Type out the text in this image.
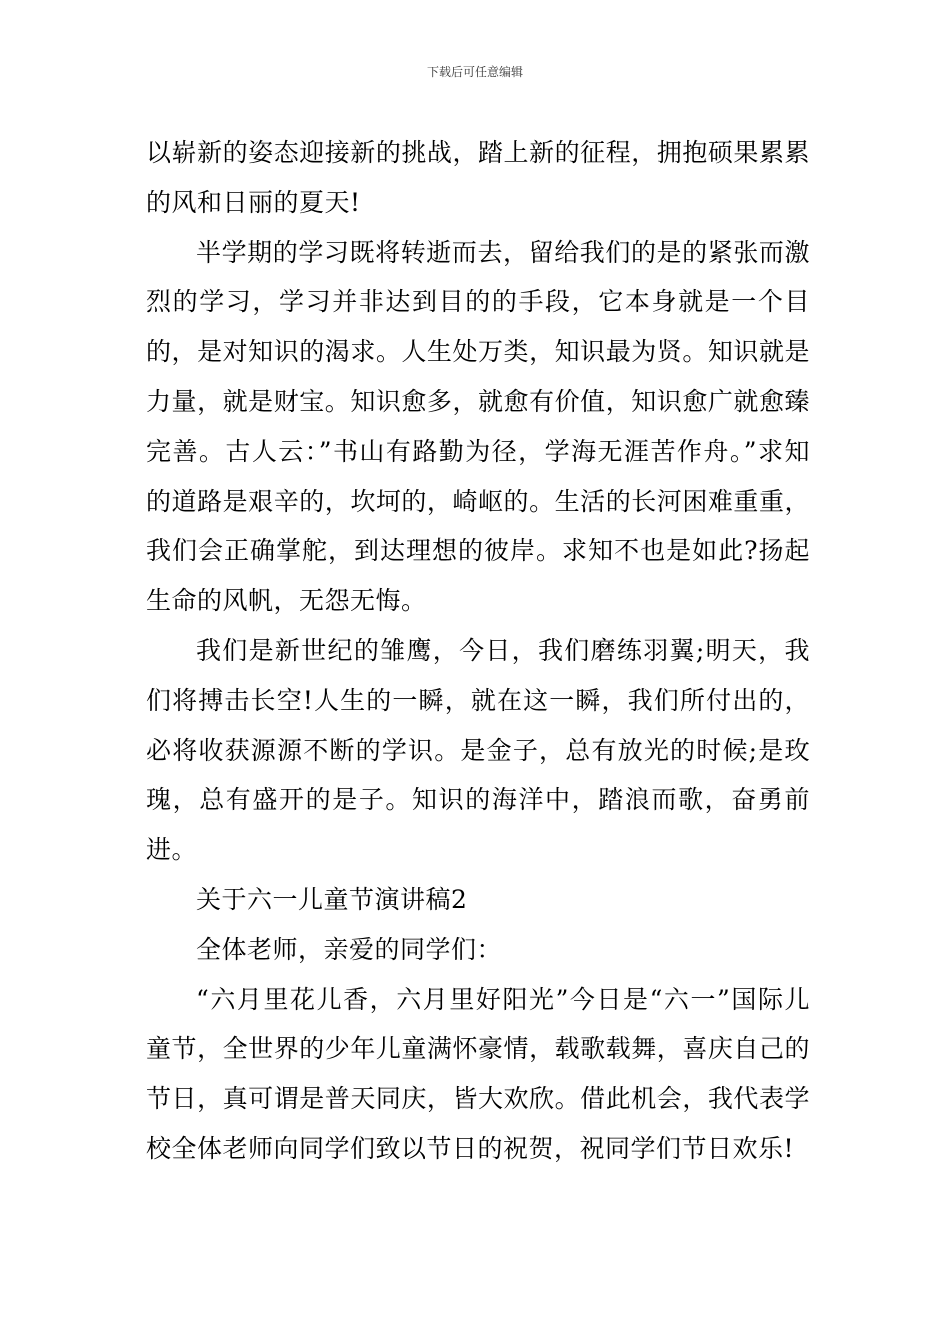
下载后可任意编辑

以崭新的姿态迎接新的挑战，踏上新的征程，拥抱硕果累累的风和日丽的夏天!

半学期的学习既将转逝而去，留给我们的是的紧张而激烈的学习，学习并非达到目的的手段，它本身就是一个目的，是对知识的渴求。人生处万类，知识最为贤。知识就是力量，就是财宝。知识愈多，就愈有价值，知识愈广就愈臻完善。古人云：”书山有路勤为径，学海无涯苦作舟。”求知的道路是艰辛的，坎坷的，崎岖的。生活的长河困难重重，我们会正确掌舵，到达理想的彼岸。求知不也是如此?扬起生命的风帆，无怨无悔。

我们是新世纪的雏鹰，今日，我们磨练羽翼;明天，我们将搏击长空!人生的一瞬，就在这一瞬，我们所付出的，必将收获源源不断的学识。是金子，总有放光的时候;是玫瑰，总有盛开的是子。知识的海洋中，踏浪而歌，奋勇前进。

关于六一儿童节演讲稿2

全体老师，亲爱的同学们：

“六月里花儿香，六月里好阳光”今日是“六一”国际儿童节，全世界的少年儿童满怀豪情，载歌载舞，喜庆自己的节日，真可谓是普天同庆，皆大欢欣。借此机会，我代表学校全体老师向同学们致以节日的祝贺，祝同学们节日欢乐!
